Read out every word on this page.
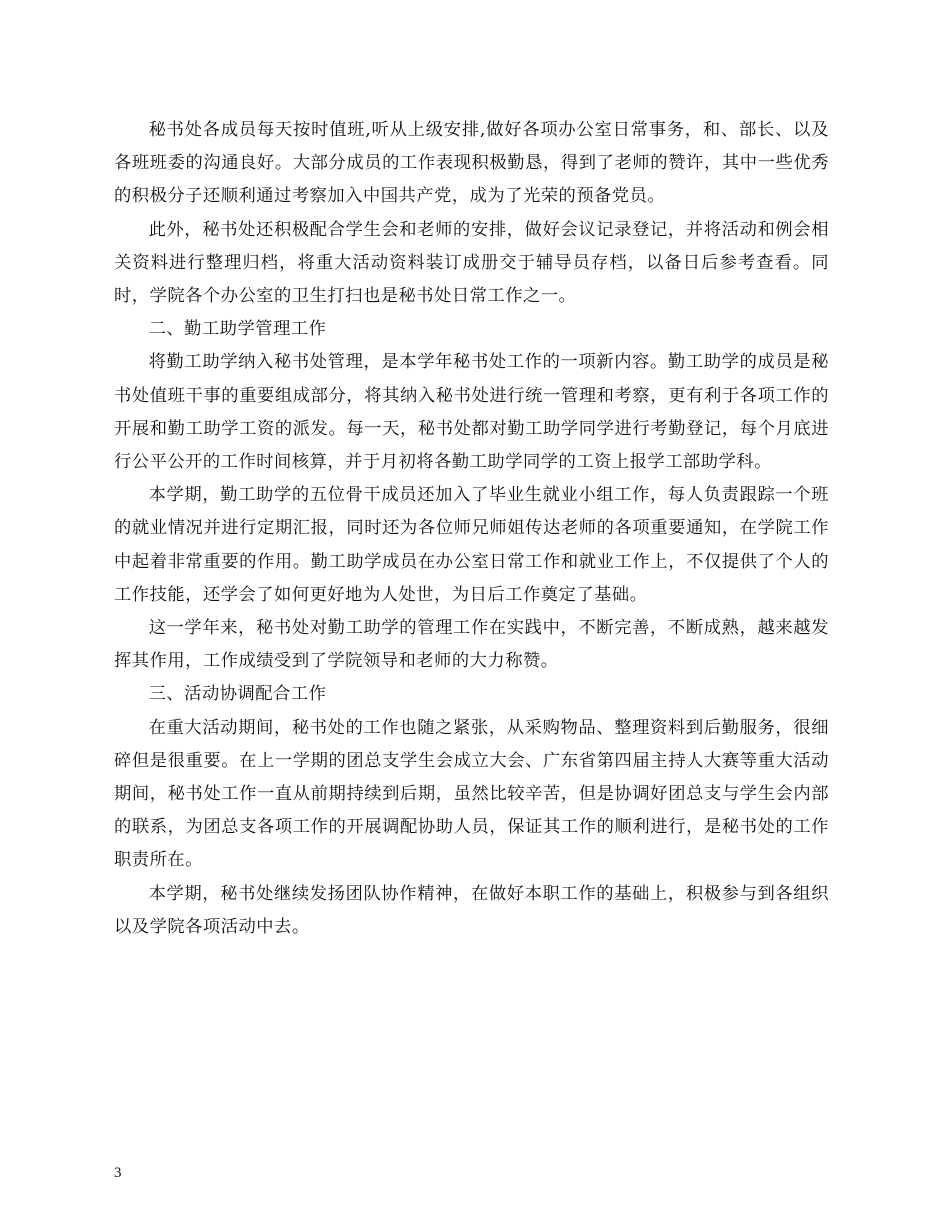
秘书处各成员每天按时值班,听从上级安排,做好各项办公室日常事务，和、部长、以及各班班委的沟通良好。大部分成员的工作表现积极勤恳，得到了老师的赞许，其中一些优秀的积极分子还顺利通过考察加入中国共产党，成为了光荣的预备党员。

此外，秘书处还积极配合学生会和老师的安排，做好会议记录登记，并将活动和例会相关资料进行整理归档，将重大活动资料装订成册交于辅导员存档，以备日后参考查看。同时，学院各个办公室的卫生打扫也是秘书处日常工作之一。

二、勤工助学管理工作

将勤工助学纳入秘书处管理，是本学年秘书处工作的一项新内容。勤工助学的成员是秘书处值班干事的重要组成部分，将其纳入秘书处进行统一管理和考察，更有利于各项工作的开展和勤工助学工资的派发。每一天，秘书处都对勤工助学同学进行考勤登记，每个月底进行公平公开的工作时间核算，并于月初将各勤工助学同学的工资上报学工部助学科。

本学期，勤工助学的五位骨干成员还加入了毕业生就业小组工作，每人负责跟踪一个班的就业情况并进行定期汇报，同时还为各位师兄师姐传达老师的各项重要通知，在学院工作中起着非常重要的作用。勤工助学成员在办公室日常工作和就业工作上，不仅提供了个人的工作技能，还学会了如何更好地为人处世，为日后工作奠定了基础。

这一学年来，秘书处对勤工助学的管理工作在实践中，不断完善，不断成熟，越来越发挥其作用，工作成绩受到了学院领导和老师的大力称赞。

三、活动协调配合工作

在重大活动期间，秘书处的工作也随之紧张，从采购物品、整理资料到后勤服务，很细碎但是很重要。在上一学期的团总支学生会成立大会、广东省第四届主持人大赛等重大活动期间，秘书处工作一直从前期持续到后期，虽然比较辛苦，但是协调好团总支与学生会内部的联系，为团总支各项工作的开展调配协助人员，保证其工作的顺利进行，是秘书处的工作职责所在。

本学期，秘书处继续发扬团队协作精神，在做好本职工作的基础上，积极参与到各组织以及学院各项活动中去。

3
